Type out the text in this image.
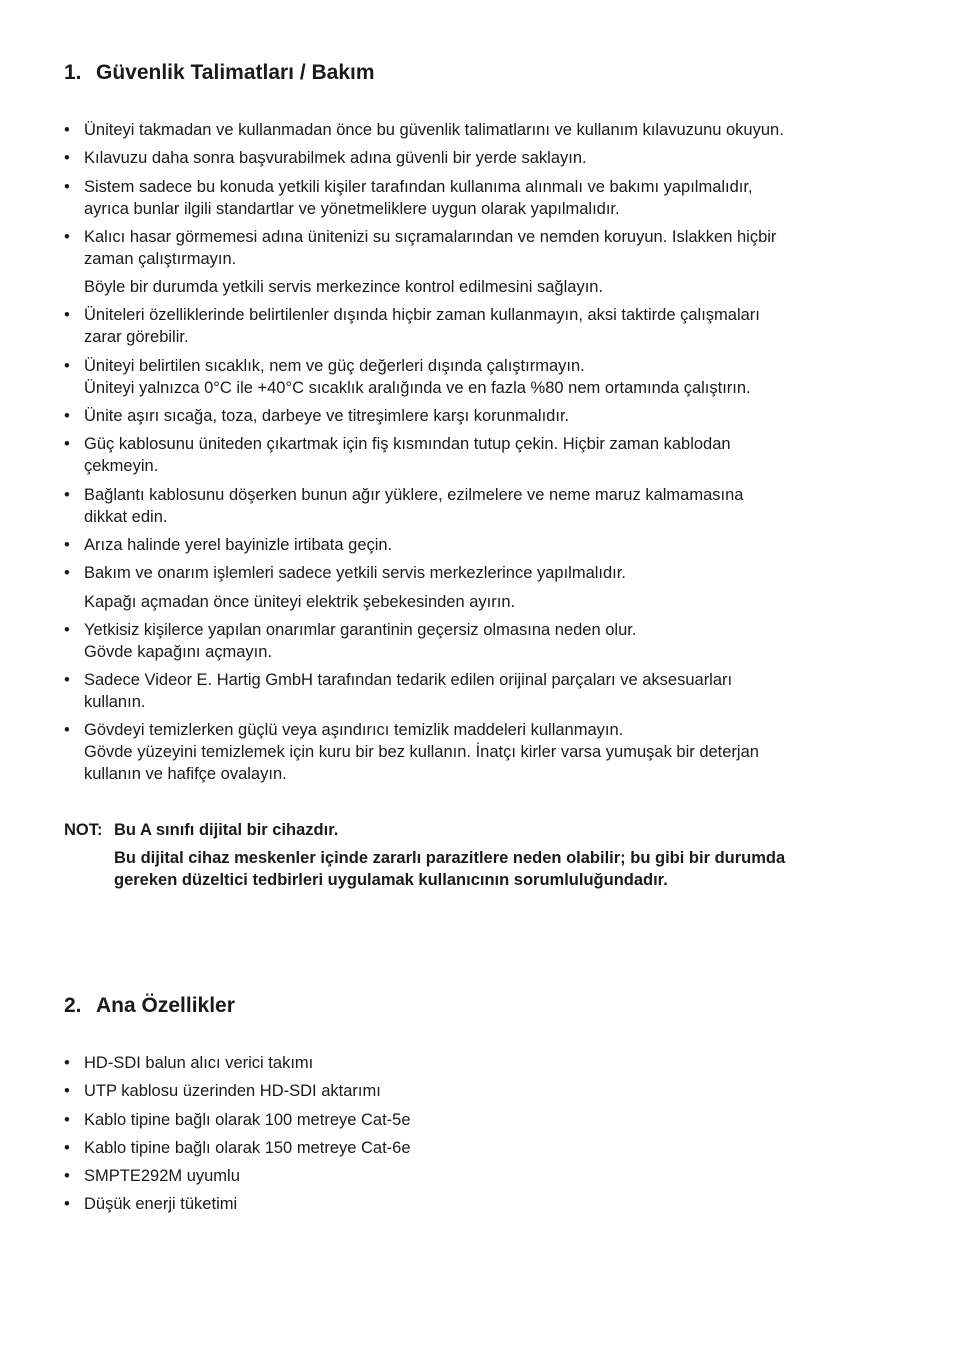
1. Güvenlik Talimatları / Bakım
• Üniteyi takmadan ve kullanmadan önce bu güvenlik talimatlarını ve kullanım kılavuzunu okuyun.
• Kılavuzu daha sonra başvurabilmek adına güvenli bir yerde saklayın.
• Sistem sadece bu konuda yetkili kişiler tarafından kullanıma alınmalı ve bakımı yapılmalıdır,
ayrıca bunlar ilgili standartlar ve yönetmeliklere uygun olarak yapılmalıdır.
• Kalıcı hasar görmemesi adına ünitenizi su sıçramalarından ve nemden koruyun. Islakken hiçbir
zaman çalıştırmayın.
Böyle bir durumda yetkili servis merkezince kontrol edilmesini sağlayın.
• Üniteleri özelliklerinde belirtilenler dışında hiçbir zaman kullanmayın, aksi taktirde çalışmaları
zarar görebilir.
• Üniteyi belirtilen sıcaklık, nem ve güç değerleri dışında çalıştırmayın.
Üniteyi yalnızca 0°C ile +40°C sıcaklık aralığında ve en fazla %80 nem ortamında çalıştırın.
• Ünite aşırı sıcağa, toza, darbeye ve titreşimlere karşı korunmalıdır.
• Güç kablosunu üniteden çıkartmak için fiş kısmından tutup çekin. Hiçbir zaman kablodan
çekmeyin.
• Bağlantı kablosunu döşerken bunun ağır yüklere, ezilmelere ve neme maruz kalmamasına
dikkat edin.
• Arıza halinde yerel bayinizle irtibata geçin.
• Bakım ve onarım işlemleri sadece yetkili servis merkezlerince yapılmalıdır.
Kapağı açmadan önce üniteyi elektrik şebekesinden ayırın.
• Yetkisiz kişilerce yapılan onarımlar garantinin geçersiz olmasına neden olur.
Gövde kapağını açmayın.
• Sadece Videor E. Hartig GmbH tarafından tedarik edilen orijinal parçaları ve aksesuarları
kullanın.
• Gövdeyi temizlerken güçlü veya aşındırıcı temizlik maddeleri kullanmayın.
Gövde yüzeyini temizlemek için kuru bir bez kullanın. İnatçı kirler varsa yumuşak bir deterjan
kullanın ve hafifçe ovalayın.
NOT: Bu A sınıfı dijital bir cihazdır.
Bu dijital cihaz meskenler içinde zararlı parazitlere neden olabilir; bu gibi bir durumda
gereken düzeltici tedbirleri uygulamak kullanıcının sorumluluğundadır.
2. Ana Özellikler
• HD-SDI balun alıcı verici takımı
• UTP kablosu üzerinden HD-SDI aktarımı
• Kablo tipine bağlı olarak 100 metreye Cat-5e
• Kablo tipine bağlı olarak 150 metreye Cat-6e
• SMPTE292M uyumlu
• Düşük enerji tüketimi
